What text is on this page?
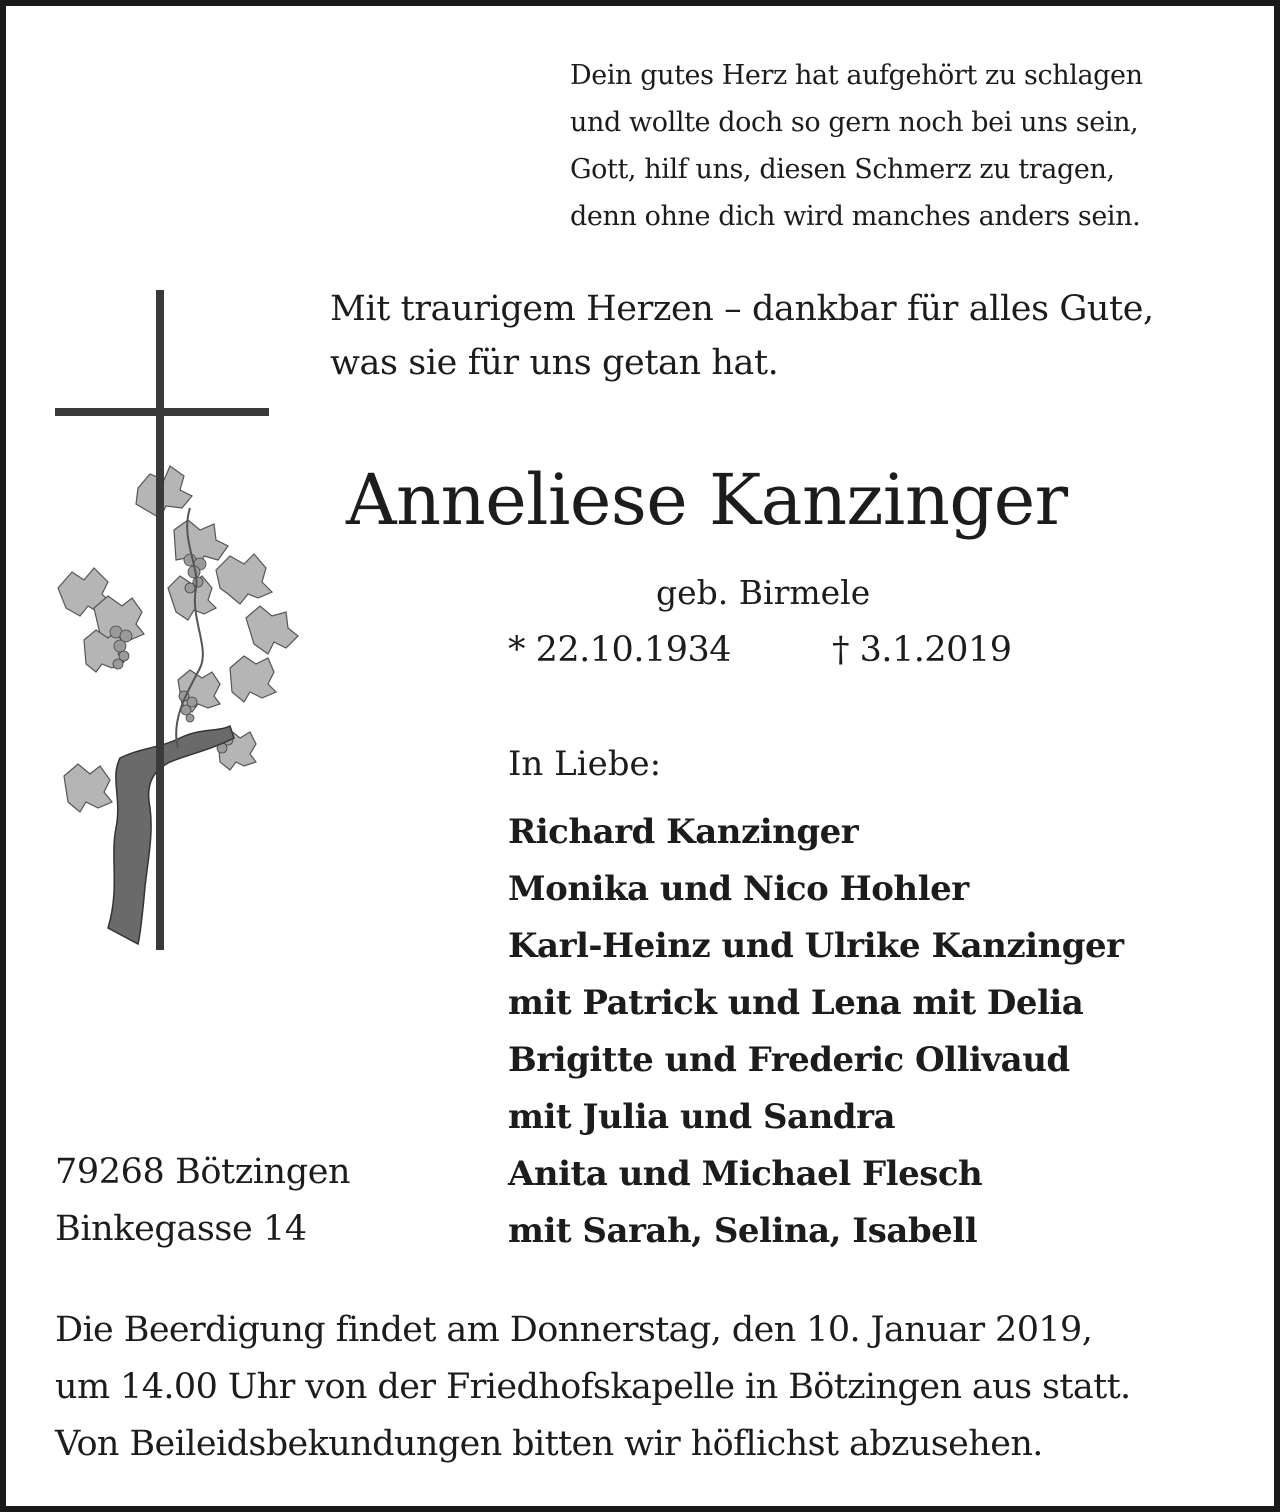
Dein gutes Herz hat aufgehört zu schlagen
und wollte doch so gern noch bei uns sein,
Gott, hilf uns, diesen Schmerz zu tragen,
denn ohne dich wird manches anders sein.
Mit traurigem Herzen – dankbar für alles Gute,
was sie für uns getan hat.
Anneliese Kanzinger
geb. Birmele
* 22.10.1934	† 3.1.2019
In Liebe:
Richard Kanzinger
Monika und Nico Hohler
Karl-Heinz und Ulrike Kanzinger
mit Patrick und Lena mit Delia
Brigitte und Frederic Ollivaud
mit Julia und Sandra
Anita und Michael Flesch
mit Sarah, Selina, Isabell
79268 Bötzingen
Binkegasse 14
Die Beerdigung findet am Donnerstag, den 10. Januar 2019,
um 14.00 Uhr von der Friedhofskapelle in Bötzingen aus statt.
Von Beileidsbekundungen bitten wir höflichst abzusehen.
